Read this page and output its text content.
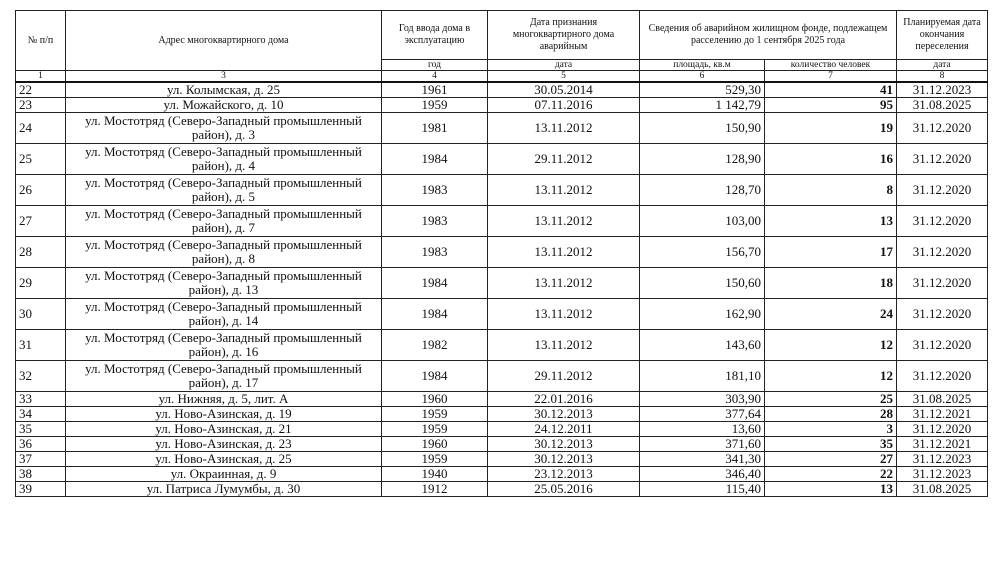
№ п/п	Адрес многоквартирного дома	Год ввода дома в эксплуатацию	Дата признания многоквартирного дома аварийным	Сведения об аварийном жилищном фонде, подлежащем расселению до 1 сентября 2025 года		Планируемая дата окончания переселения
		год	дата	площадь, кв.м	количество человек	дата
1	3	4	5	6	7	8
22	ул. Колымская, д. 25	1961	30.05.2014	529,30	41	31.12.2023
23	ул. Можайского, д. 10	1959	07.11.2016	1 142,79	95	31.08.2025
24	ул. Мостотряд (Северо-Западный промышленный район), д. 3	1981	13.11.2012	150,90	19	31.12.2020
25	ул. Мостотряд (Северо-Западный промышленный район), д. 4	1984	29.11.2012	128,90	16	31.12.2020
26	ул. Мостотряд (Северо-Западный промышленный район), д. 5	1983	13.11.2012	128,70	8	31.12.2020
27	ул. Мостотряд (Северо-Западный промышленный район), д. 7	1983	13.11.2012	103,00	13	31.12.2020
28	ул. Мостотряд (Северо-Западный промышленный район), д. 8	1983	13.11.2012	156,70	17	31.12.2020
29	ул. Мостотряд (Северо-Западный промышленный район), д. 13	1984	13.11.2012	150,60	18	31.12.2020
30	ул. Мостотряд (Северо-Западный промышленный район), д. 14	1984	13.11.2012	162,90	24	31.12.2020
31	ул. Мостотряд (Северо-Западный промышленный район), д. 16	1982	13.11.2012	143,60	12	31.12.2020
32	ул. Мостотряд (Северо-Западный промышленный район), д. 17	1984	29.11.2012	181,10	12	31.12.2020
33	ул. Нижняя, д. 5, лит. А	1960	22.01.2016	303,90	25	31.08.2025
34	ул. Ново-Азинская, д. 19	1959	30.12.2013	377,64	28	31.12.2021
35	ул. Ново-Азинская, д. 21	1959	24.12.2011	13,60	3	31.12.2020
36	ул. Ново-Азинская, д. 23	1960	30.12.2013	371,60	35	31.12.2021
37	ул. Ново-Азинская, д. 25	1959	30.12.2013	341,30	27	31.12.2023
38	ул. Окраинная, д. 9	1940	23.12.2013	346,40	22	31.12.2023
39	ул. Патриса Лумумбы, д. 30	1912	25.05.2016	115,40	13	31.08.2025
